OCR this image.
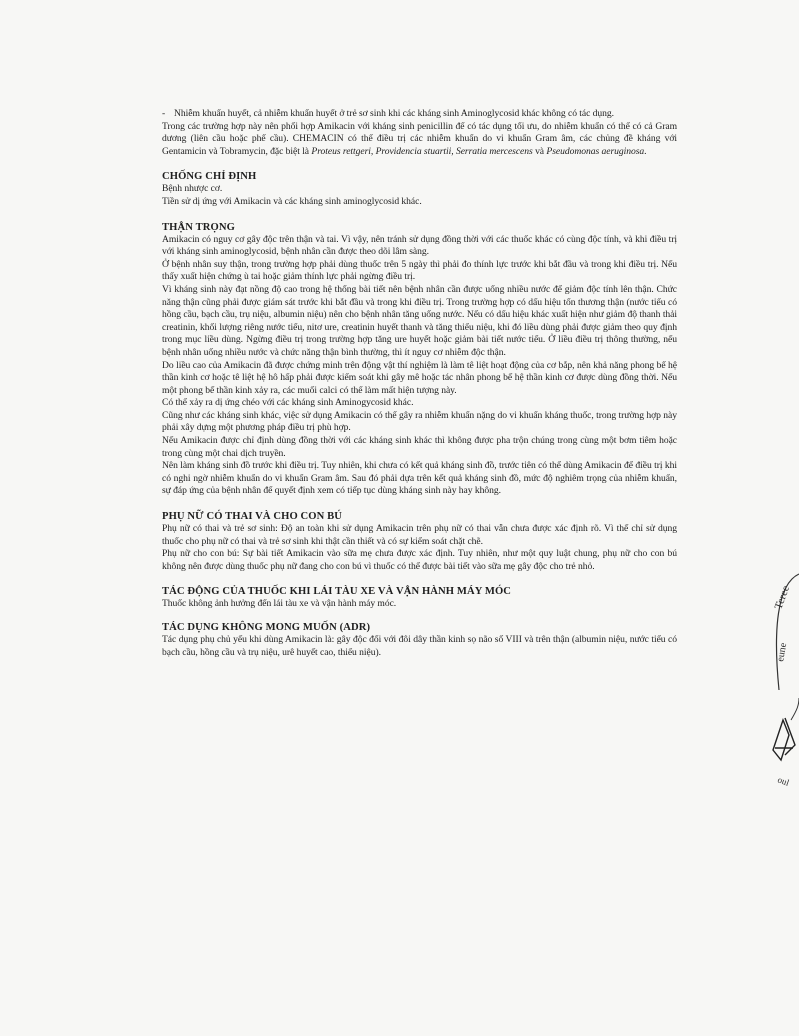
- Nhiễm khuẩn huyết, cả nhiễm khuẩn huyết ở trẻ sơ sinh khi các kháng sinh Aminoglycosid khác không có tác dụng.

Trong các trường hợp này nên phối hợp Amikacin với kháng sinh penicillin để có tác dụng tối ưu, do nhiễm khuẩn có thể có cả Gram dương (liên cầu hoặc phế cầu). CHEMACIN có thể điều trị các nhiễm khuẩn do vi khuẩn Gram âm, các chủng đề kháng với Gentamicin và Tobramycin, đặc biệt là Proteus rettgeri, Providencia stuartii, Serratia mercescens và Pseudomonas aeruginosa.

CHỐNG CHỈ ĐỊNH

Bệnh nhược cơ.

Tiền sử dị ứng với Amikacin và các kháng sinh aminoglycosid khác.

THẬN TRỌNG

Amikacin có nguy cơ gây độc trên thận và tai. Vì vậy, nên tránh sử dụng đồng thời với các thuốc khác có cùng độc tính, và khi điều trị với kháng sinh aminoglycosid, bệnh nhân cần được theo dõi lâm sàng.

Ở bệnh nhân suy thận, trong trường hợp phải dùng thuốc trên 5 ngày thì phải đo thính lực trước khi bắt đầu và trong khi điều trị. Nếu thấy xuất hiện chứng ù tai hoặc giảm thính lực phải ngừng điều trị.

Vì kháng sinh này đạt nồng độ cao trong hệ thống bài tiết nên bệnh nhân cần được uống nhiều nước để giảm độc tính lên thận. Chức năng thận cũng phải được giám sát trước khi bắt đầu và trong khi điều trị. Trong trường hợp có dấu hiệu tổn thương thận (nước tiểu có hồng cầu, bạch cầu, trụ niệu, albumin niệu) nên cho bệnh nhân tăng uống nước. Nếu có dấu hiệu khác xuất hiện như giảm độ thanh thải creatinin, khối lượng riêng nước tiểu, nitơ ure, creatinin huyết thanh và tăng thiểu niệu, khi đó liều dùng phải được giảm theo quy định trong mục liều dùng. Ngừng điều trị trong trường hợp tăng ure huyết hoặc giảm bài tiết nước tiểu. Ở liều điều trị thông thường, nếu bệnh nhân uống nhiều nước và chức năng thận bình thường, thì ít nguy cơ nhiễm độc thận.

Do liều cao của Amikacin đã được chứng minh trên động vật thí nghiệm là làm tê liệt hoạt động của cơ bắp, nên khả năng phong bế hệ thần kinh cơ hoặc tê liệt hệ hô hấp phải được kiểm soát khi gây mê hoặc tác nhân phong bế hệ thần kinh cơ được dùng đồng thời. Nếu một phong bế thần kinh xảy ra, các muối calci có thể làm mất hiện tượng này.

Có thể xảy ra dị ứng chéo với các kháng sinh Aminogycosid khác.

Cũng như các kháng sinh khác, việc sử dụng Amikacin có thể gây ra nhiễm khuẩn nặng do vi khuẩn kháng thuốc, trong trường hợp này phải xây dựng một phương pháp điều trị phù hợp.

Nếu Amikacin được chỉ định dùng đồng thời với các kháng sinh khác thì không được pha trộn chúng trong cùng một bơm tiêm hoặc trong cùng một chai dịch truyền.

Nên làm kháng sinh đồ trước khi điều trị. Tuy nhiên, khi chưa có kết quả kháng sinh đồ, trước tiên có thể dùng Amikacin để điều trị khi có nghi ngờ nhiễm khuẩn do vi khuẩn Gram âm. Sau đó phải dựa trên kết quả kháng sinh đồ, mức độ nghiêm trọng của nhiễm khuẩn, sự đáp ứng của bệnh nhân để quyết định xem có tiếp tục dùng kháng sinh này hay không.

PHỤ NỮ CÓ THAI VÀ CHO CON BÚ

Phụ nữ có thai và trẻ sơ sinh: Độ an toàn khi sử dụng Amikacin trên phụ nữ có thai vẫn chưa được xác định rõ. Vì thế chỉ sử dụng thuốc cho phụ nữ có thai và trẻ sơ sinh khi thật cần thiết và có sự kiểm soát chặt chẽ.

Phụ nữ cho con bú: Sự bài tiết Amikacin vào sữa mẹ chưa được xác định. Tuy nhiên, như một quy luật chung, phụ nữ cho con bú không nên được dùng thuốc phụ nữ đang cho con bú vì thuốc có thể được bài tiết vào sữa mẹ gây độc cho trẻ nhỏ.

TÁC ĐỘNG CỦA THUỐC KHI LÁI TÀU XE VÀ VẬN HÀNH MÁY MÓC

Thuốc không ảnh hưởng đến lái tàu xe và vận hành máy móc.

TÁC DỤNG KHÔNG MONG MUỐN (ADR)

Tác dụng phụ chủ yếu khi dùng Amikacin là: gây độc đối với đôi dây thần kinh sọ não số VIII và trên thận (albumin niệu, nước tiểu có bạch cầu, hồng cầu và trụ niệu, urê huyết cao, thiểu niệu).

Teree
eune
oul
